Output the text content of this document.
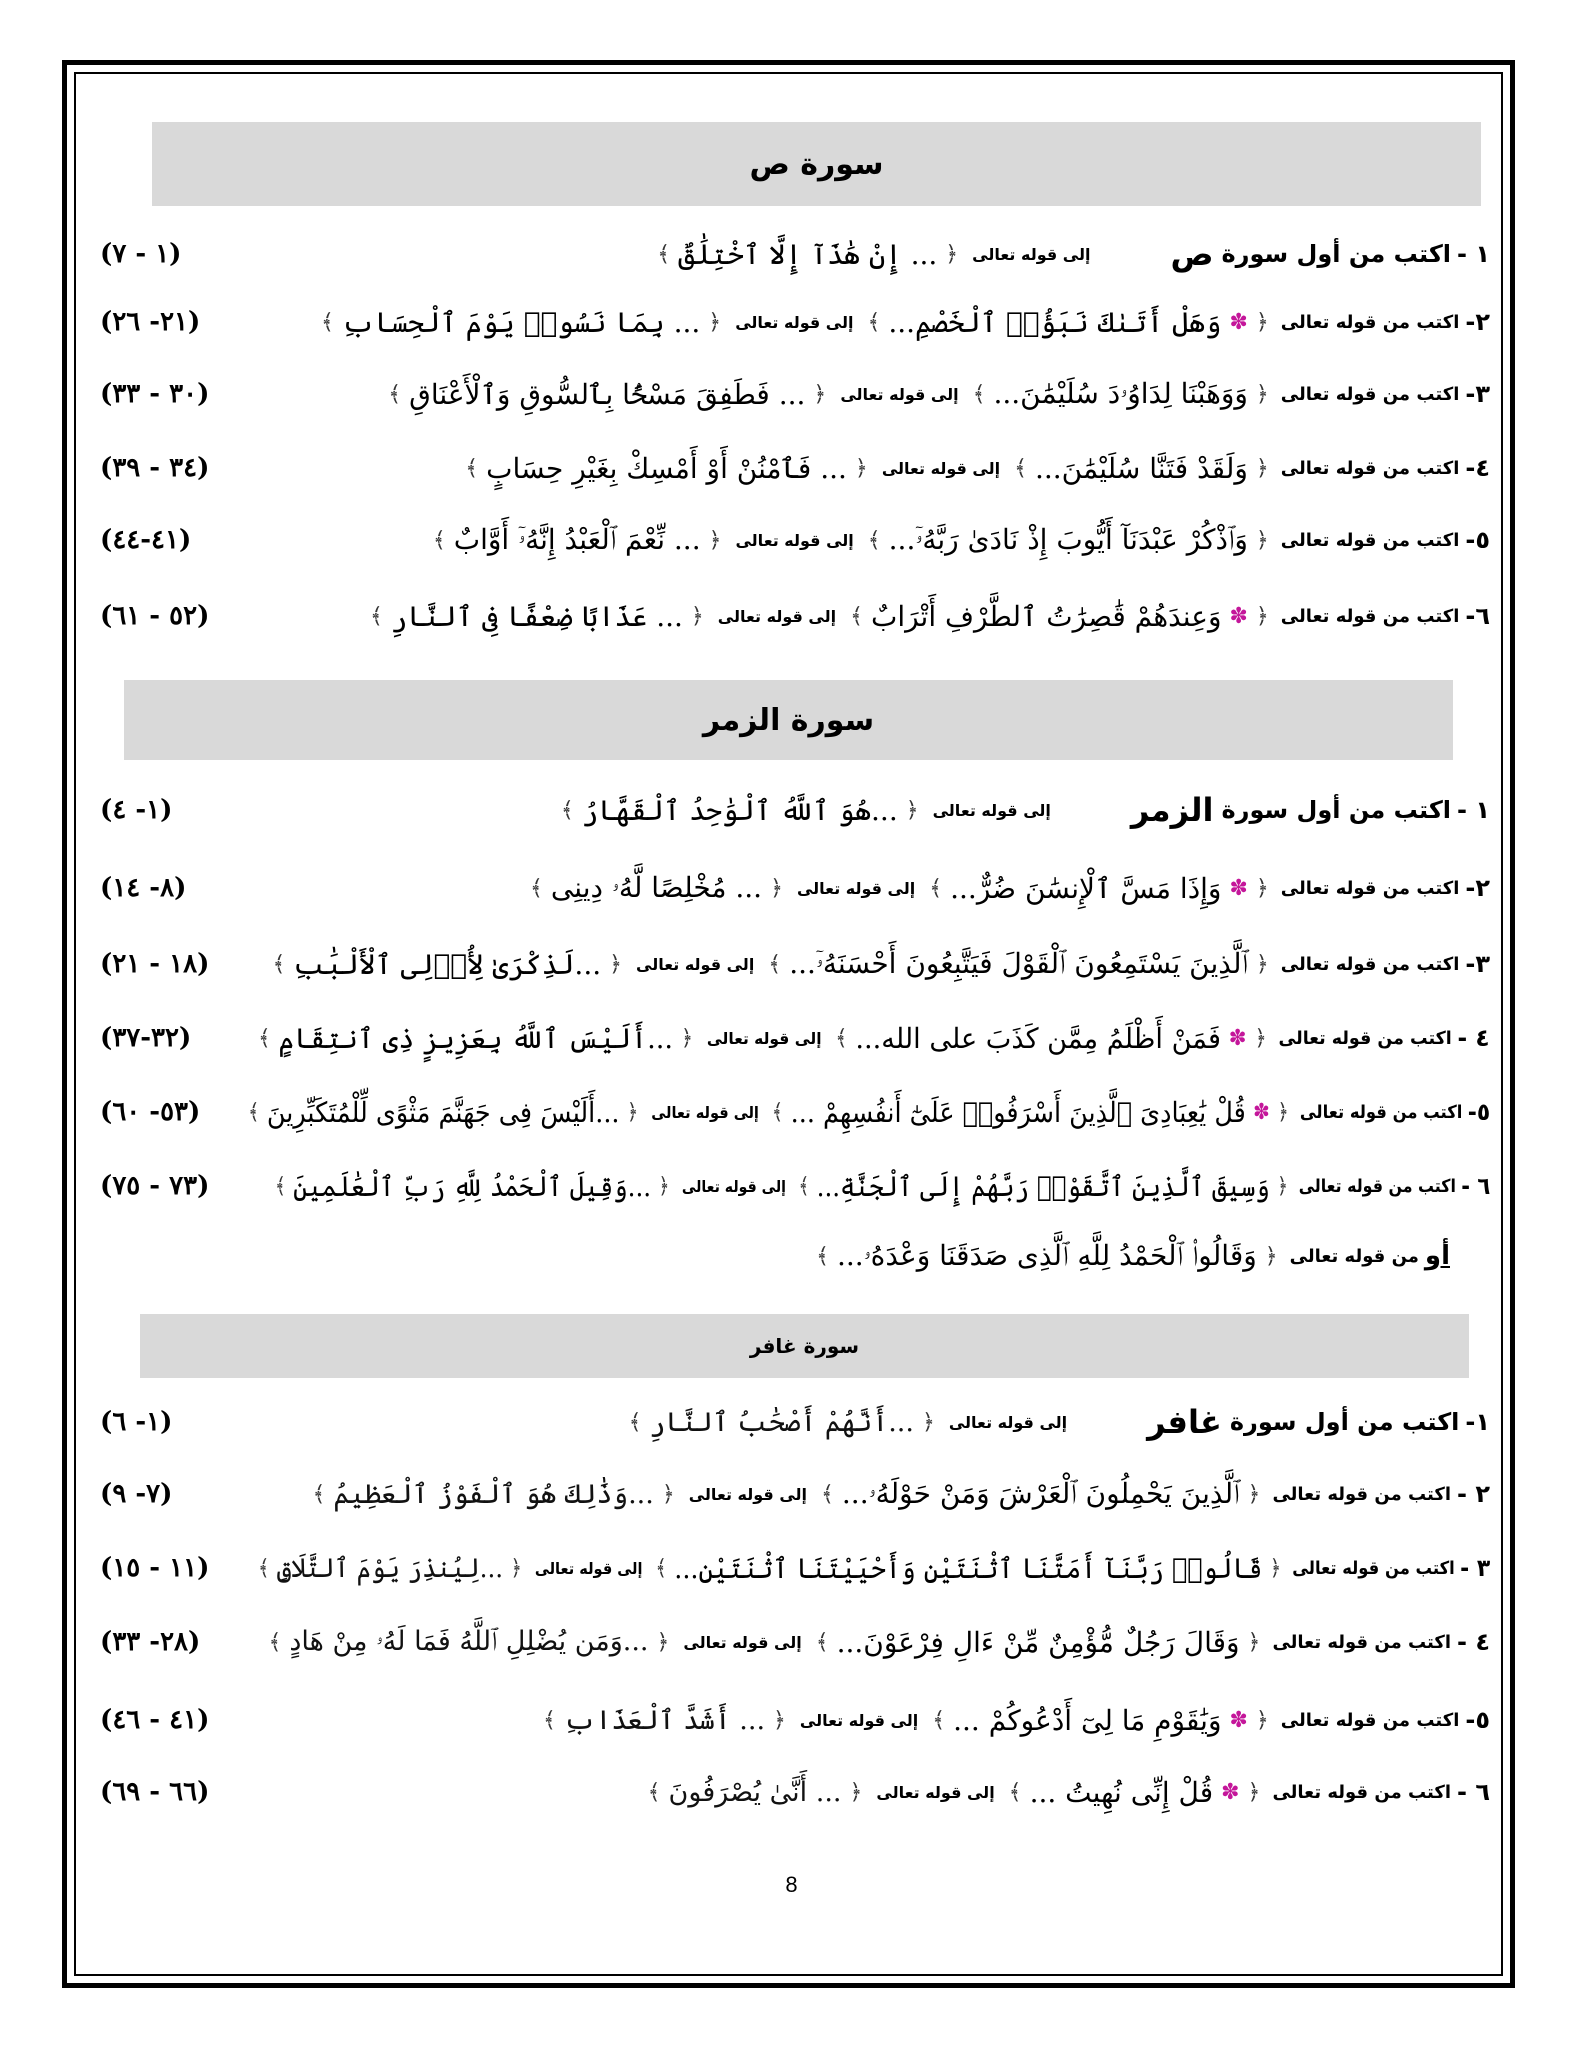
سورة ص
١ -
اكتب من أول سورة
ص
إلى قوله تعالى
﴿
... إِنْ هَٰذَآ إِلَّا ٱخْتِلَٰقٌ
﴾
(١ - ٧)
٢-
اكتب من قوله تعالى
﴿
✽
وَهَلْ أَتَىٰكَ نَبَؤُا۟ ٱلْخَصْمِ...
﴾
إلى قوله تعالى
﴿
... بِمَا نَسُوا۟ يَوْمَ ٱلْحِسَابِ
﴾
(٢١- ٢٦)
٣-
اكتب من قوله تعالى
﴿
وَوَهَبْنَا لِدَاوُۥدَ سُلَيْمَٰنَ...
﴾
إلى قوله تعالى
﴿
... فَطَفِقَ مَسْحًۢا بِٱلسُّوقِ وَٱلْأَعْنَاقِ
﴾
(٣٠ - ٣٣)
٤-
اكتب من قوله تعالى
﴿
وَلَقَدْ فَتَنَّا سُلَيْمَٰنَ...
﴾
إلى قوله تعالى
﴿
... فَٱمْنُنْ أَوْ أَمْسِكْ بِغَيْرِ حِسَابٍ
﴾
(٣٤ - ٣٩)
٥-
اكتب من قوله تعالى
﴿
وَٱذْكُرْ عَبْدَنَآ أَيُّوبَ إِذْ نَادَىٰ رَبَّهُۥٓ...
﴾
إلى قوله تعالى
﴿
... نِّعْمَ ٱلْعَبْدُ إِنَّهُۥٓ أَوَّابٌ
﴾
(٤١-٤٤)
٦-
اكتب من قوله تعالى
﴿
✽
وَعِندَهُمْ قَٰصِرَٰتُ ٱلطَّرْفِ أَتْرَابٌ
﴾
إلى قوله تعالى
﴿
... عَذَابًا ضِعْفًا فِى ٱلنَّارِ
﴾
(٥٢ - ٦١)
سورة الزمر
١ -
اكتب من أول سورة
الزمر
إلى قوله تعالى
﴿
...هُوَ ٱللَّهُ ٱلْوَٰحِدُ ٱلْقَهَّارُ
﴾
(١- ٤)
٢-
اكتب من قوله تعالى
﴿
✽
وَإِذَا مَسَّ ٱلْإِنسَٰنَ ضُرٌّ...
﴾
إلى قوله تعالى
﴿
... مُخْلِصًا لَّهُۥ دِينِى
﴾
(٨- ١٤)
٣-
اكتب من قوله تعالى
﴿
ٱلَّذِينَ يَسْتَمِعُونَ ٱلْقَوْلَ فَيَتَّبِعُونَ أَحْسَنَهُۥٓ...
﴾
إلى قوله تعالى
﴿
...لَذِكْرَىٰ لِأُو۟لِى ٱلْأَلْبَٰبِ
﴾
(١٨ - ٢١)
٤ -
اكتب من قوله تعالى
﴿
✽
فَمَنْ أَظْلَمُ مِمَّن كَذَبَ على الله...
﴾
إلى قوله تعالى
﴿
...أَلَيْسَ ٱللَّهُ بِعَزِيزٍ ذِى ٱنتِقَامٍ
﴾
(٣٢-٣٧)
٥-
اكتب من قوله تعالى
﴿
✽
قُلْ يَٰعِبَادِىَ ٱلَّذِينَ أَسْرَفُوا۟ عَلَىٰٓ أَنفُسِهِمْ ...
﴾
إلى قوله تعالى
﴿
...أَلَيْسَ فِى جَهَنَّمَ مَثْوًى لِّلْمُتَكَبِّرِينَ
﴾
(٥٣- ٦٠)
٦ -
اكتب من قوله تعالى
﴿
وَسِيقَ ٱلَّذِينَ ٱتَّقَوْا۟ رَبَّهُمْ إِلَى ٱلْجَنَّةِ...
﴾
إلى قوله تعالى
﴿
...وَقِيلَ ٱلْحَمْدُ لِلَّهِ رَبِّ ٱلْعَٰلَمِينَ
﴾
(٧٣ - ٧٥)
أو
من قوله تعالى
﴿
وَقَالُوا۟ ٱلْحَمْدُ لِلَّهِ ٱلَّذِى صَدَقَنَا وَعْدَهُۥ...
﴾
سورة غافر
١-
اكتب من أول سورة
غافر
إلى قوله تعالى
﴿
...أَنَّهُمْ أَصْحَٰبُ ٱلنَّارِ
﴾
(١- ٦)
٢ -
اكتب من قوله تعالى
﴿
ٱلَّذِينَ يَحْمِلُونَ ٱلْعَرْشَ وَمَنْ حَوْلَهُۥ...
﴾
إلى قوله تعالى
﴿
...وَذَٰلِكَ هُوَ ٱلْفَوْزُ ٱلْعَظِيمُ
﴾
(٧- ٩)
٣ -
اكتب من قوله تعالى
﴿
قَالُوا۟ رَبَّنَآ أَمَتَّنَا ٱثْنَتَيْنِ وَأَحْيَيْتَنَا ٱثْنَتَيْنِ...
﴾
إلى قوله تعالى
﴿
...لِيُنذِرَ يَوْمَ ٱلتَّلَاقِ
﴾
(١١ - ١٥)
٤ -
اكتب من قوله تعالى
﴿
وَقَالَ رَجُلٌ مُّؤْمِنٌ مِّنْ ءَالِ فِرْعَوْنَ...
﴾
إلى قوله تعالى
﴿
...وَمَن يُضْلِلِ ٱللَّهُ فَمَا لَهُۥ مِنْ هَادٍ
﴾
(٢٨- ٣٣)
٥-
اكتب من قوله تعالى
﴿
✽
وَيَٰقَوْمِ مَا لِىٓ أَدْعُوكُمْ ...
﴾
إلى قوله تعالى
﴿
... أَشَدَّ ٱلْعَذَابِ
﴾
(٤١ - ٤٦)
٦ -
اكتب من قوله تعالى
﴿
✽
قُلْ إِنِّى نُهِيتُ ...
﴾
إلى قوله تعالى
﴿
... أَنَّىٰ يُصْرَفُونَ
﴾
(٦٦ - ٦٩)
8
